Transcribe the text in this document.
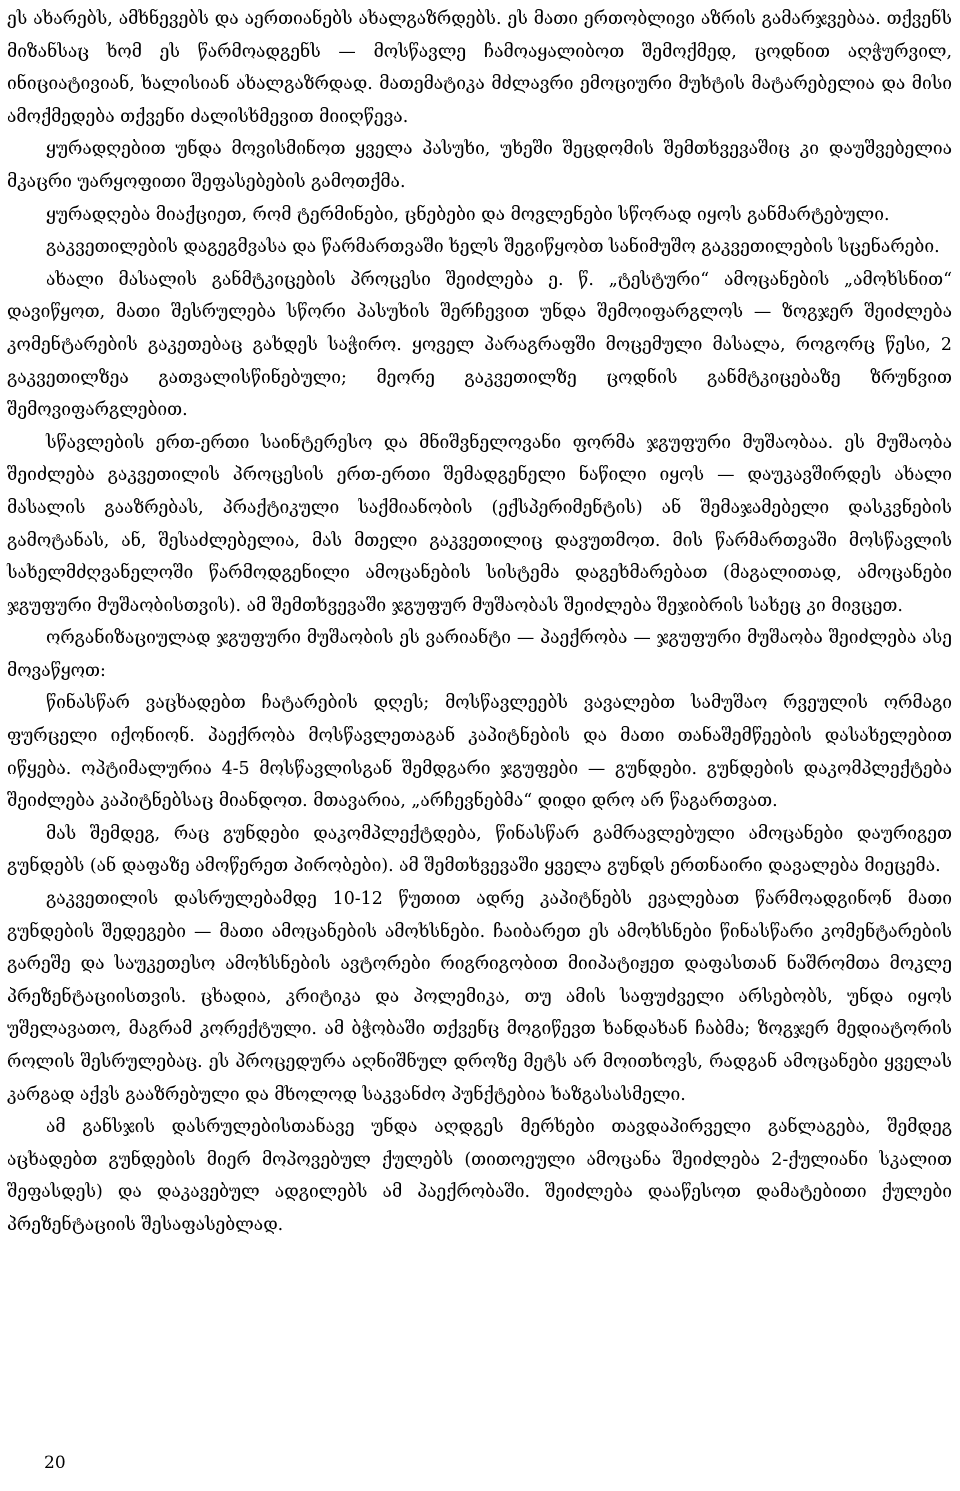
ეს ახარებს, ამხნევებს და აერთიანებს ახალგაზრდებს. ეს მათი ერთობლივი აზრის გამარჯვებაა. თქვენს მიზანსაც ხომ ეს წარმოადგენს — მოსწავლე ჩამოაყალიბოთ შემოქმედ, ცოდნით აღჭურვილ, ინიციატივიან, ხალისიან ახალგაზრდად. მათემატიკა მძლავრი ემოციური მუხტის მატარებელია და მისი ამოქმედება თქვენი ძალისხმევით მიიღწევა.

ყურადღებით უნდა მოვისმინოთ ყველა პასუხი, უხეში შეცდომის შემთხვევაშიც კი დაუშვებელია მკაცრი უარყოფითი შეფასებების გამოთქმა.

ყურადღება მიაქციეთ, რომ ტერმინები, ცნებები და მოვლენები სწორად იყოს განმარტებული.

გაკვეთილების დაგეგმვასა და წარმართვაში ხელს შეგიწყობთ სანიმუშო გაკვეთილების სცენარები.

ახალი მასალის განმტკიცების პროცესი შეიძლება ე. წ. „ტესტური“ ამოცანების „ამოხსნით“ დავიწყოთ, მათი შესრულება სწორი პასუხის შერჩევით უნდა შემოიფარგლოს — ზოგჯერ შეიძლება კომენტარების გაკეთებაც გახდეს საჭირო. ყოველ პარაგრაფში მოცემული მასალა, როგორც წესი, 2 გაკვეთილზეა გათვალისწინებული; მეორე გაკვეთილზე ცოდნის განმტკიცებაზე ზრუნვით შემოვიფარგლებით.

სწავლების ერთ-ერთი საინტერესო და მნიშვნელოვანი ფორმა ჯგუფური მუშაობაა. ეს მუშაობა შეიძლება გაკვეთილის პროცესის ერთ-ერთი შემადგენელი ნაწილი იყოს — დაუკავშირდეს ახალი მასალის გააზრებას, პრაქტიკული საქმიანობის (ექსპერიმენტის) ან შემაჯამებელი დასკვნების გამოტანას, ან, შესაძლებელია, მას მთელი გაკვეთილიც დავუთმოთ. მის წარმართვაში მოსწავლის სახელმძღვანელოში წარმოდგენილი ამოცანების სისტემა დაგეხმარებათ (მაგალითად, ამოცანები ჯგუფური მუშაობისთვის). ამ შემთხვევაში ჯგუფურ მუშაობას შეიძლება შეჯიბრის სახეც კი მივცეთ.

ორგანიზაციულად ჯგუფური მუშაობის ეს ვარიანტი — პაექრობა — ჯგუფური მუშაობა შეიძლება ასე მოვაწყოთ:

წინასწარ ვაცხადებთ ჩატარების დღეს; მოსწავლეებს ვავალებთ სამუშაო რვეულის ორმაგი ფურცელი იქონიონ. პაექრობა მოსწავლეთაგან კაპიტნების და მათი თანაშემწეების დასახელებით იწყება. ოპტიმალურია 4-5 მოსწავლისგან შემდგარი ჯგუფები — გუნდები. გუნდების დაკომპლექტება შეიძლება კაპიტნებსაც მიანდოთ. მთავარია, „არჩევნებმა“ დიდი დრო არ წაგართვათ.

მას შემდეგ, რაც გუნდები დაკომპლექტდება, წინასწარ გამრავლებული ამოცანები დაურიგეთ გუნდებს (ან დაფაზე ამოწერეთ პირობები). ამ შემთხვევაში ყველა გუნდს ერთნაირი დავალება მიეცემა.

გაკვეთილის დასრულებამდე 10-12 წუთით ადრე კაპიტნებს ევალებათ წარმოადგინონ მათი გუნდების შედეგები — მათი ამოცანების ამოხსნები. ჩაიბარეთ ეს ამოხსნები წინასწარი კომენტარების გარეშე და საუკეთესო ამოხსნების ავტორები რიგრიგობით მიიპატიჟეთ დაფასთან ნაშრომთა მოკლე პრეზენტაციისთვის. ცხადია, კრიტიკა და პოლემიკა, თუ ამის საფუძველი არსებობს, უნდა იყოს უშელავათო, მაგრამ კორექტული. ამ ბჭობაში თქვენც მოგიწევთ ხანდახან ჩაბმა; ზოგჯერ მედიატორის როლის შესრულებაც. ეს პროცედურა აღნიშნულ დროზე მეტს არ მოითხოვს, რადგან ამოცანები ყველას კარგად აქვს გააზრებული და მხოლოდ საკვანძო პუნქტებია ხაზგასასმელი.

ამ განსჯის დასრულებისთანავე უნდა აღდგეს მერხები თავდაპირველი განლაგება, შემდეგ აცხადებთ გუნდების მიერ მოპოვებულ ქულებს (თითოეული ამოცანა შეიძლება 2-ქულიანი სკალით შეფასდეს) და დაკავებულ ადგილებს ამ პაექრობაში. შეიძლება დააწესოთ დამატებითი ქულები პრეზენტაციის შესაფასებლად.

20
